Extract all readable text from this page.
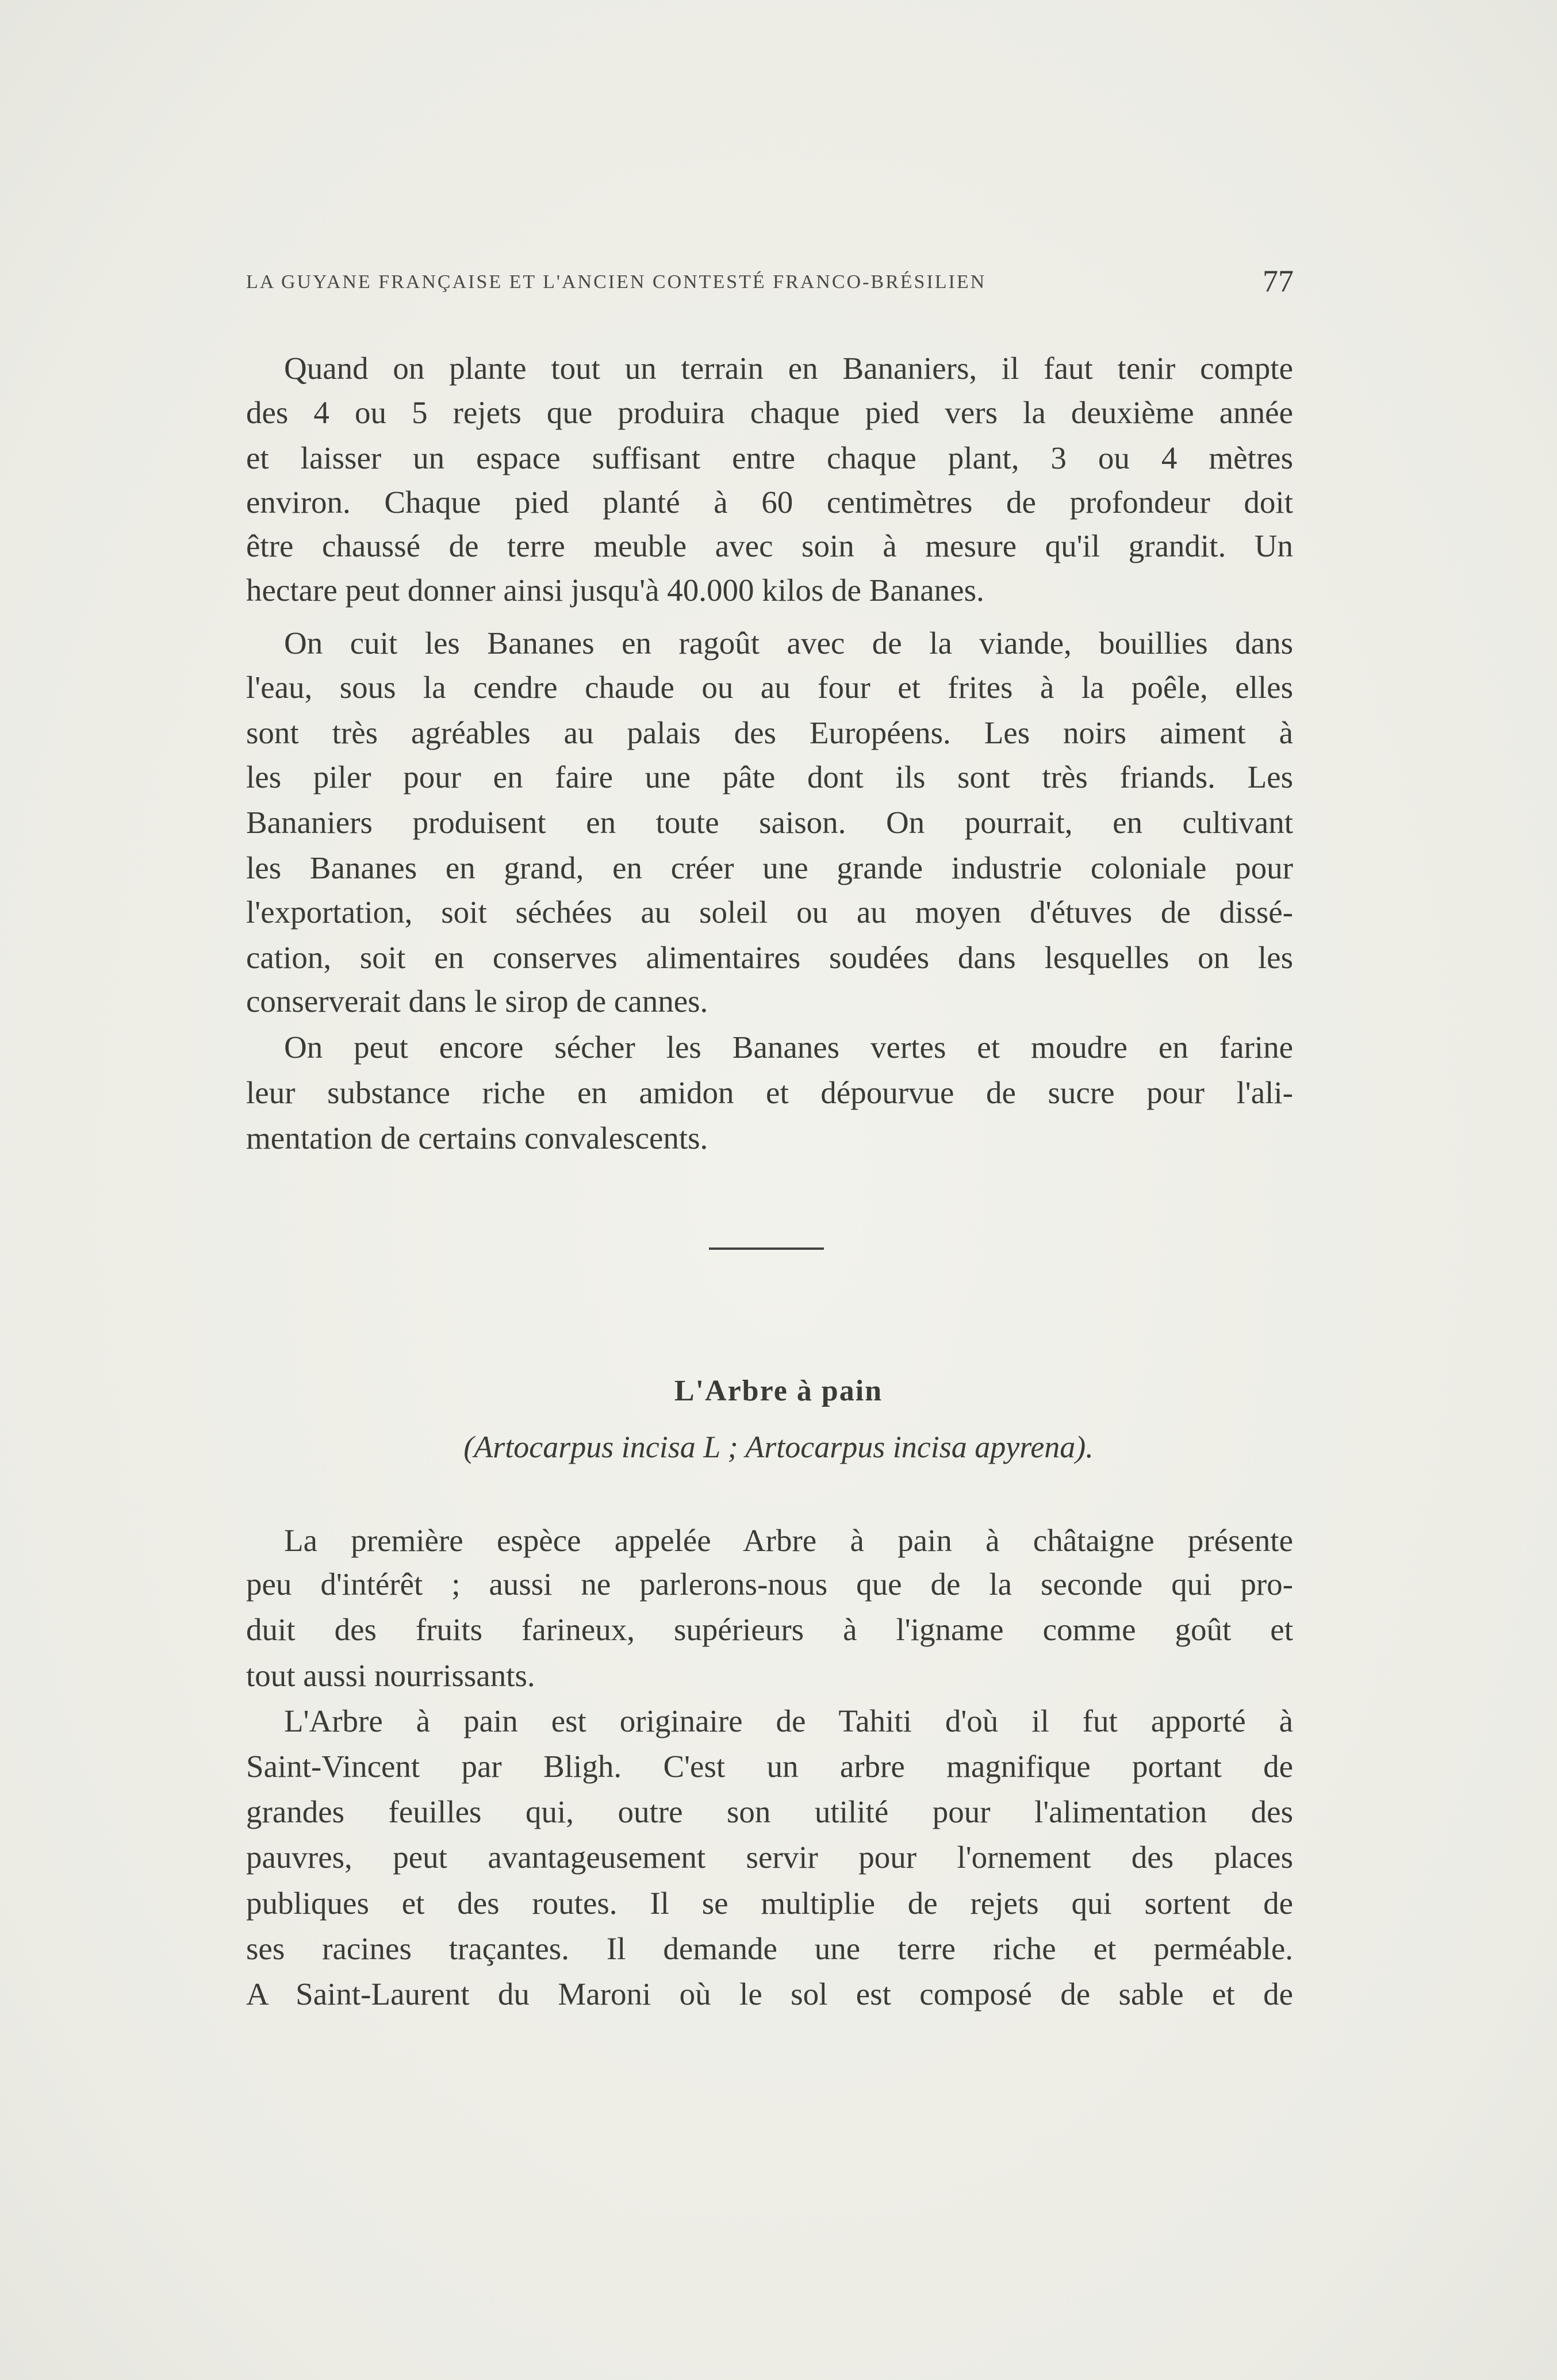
LA GUYANE FRANÇAISE ET L'ANCIEN CONTESTÉ FRANCO-BRÉSILIEN	77
Quand on plante tout un terrain en Bananiers, il faut tenir compte
des 4 ou 5 rejets que produira chaque pied vers la deuxième année
et laisser un espace suffisant entre chaque plant, 3 ou 4 mètres
environ. Chaque pied planté à 60 centimètres de profondeur doit
être chaussé de terre meuble avec soin à mesure qu'il grandit. Un
hectare peut donner ainsi jusqu'à 40.000 kilos de Bananes.
On cuit les Bananes en ragoût avec de la viande, bouillies dans
l'eau, sous la cendre chaude ou au four et frites à la poêle, elles
sont très agréables au palais des Européens. Les noirs aiment à
les piler pour en faire une pâte dont ils sont très friands. Les
Bananiers produisent en toute saison. On pourrait, en cultivant
les Bananes en grand, en créer une grande industrie coloniale pour
l'exportation, soit séchées au soleil ou au moyen d'étuves de dissé-
cation, soit en conserves alimentaires soudées dans lesquelles on les
conserverait dans le sirop de cannes.
On peut encore sécher les Bananes vertes et moudre en farine
leur substance riche en amidon et dépourvue de sucre pour l'ali-
mentation de certains convalescents.
L'Arbre à pain
(Artocarpus incisa L ; Artocarpus incisa apyrena).
La première espèce appelée Arbre à pain à châtaigne présente
peu d'intérêt ; aussi ne parlerons-nous que de la seconde qui pro-
duit des fruits farineux, supérieurs à l'igname comme goût et
tout aussi nourrissants.
L'Arbre à pain est originaire de Tahiti d'où il fut apporté à
Saint-Vincent par Bligh. C'est un arbre magnifique portant de
grandes feuilles qui, outre son utilité pour l'alimentation des
pauvres, peut avantageusement servir pour l'ornement des places
publiques et des routes. Il se multiplie de rejets qui sortent de
ses racines traçantes. Il demande une terre riche et perméable.
A Saint-Laurent du Maroni où le sol est composé de sable et de
